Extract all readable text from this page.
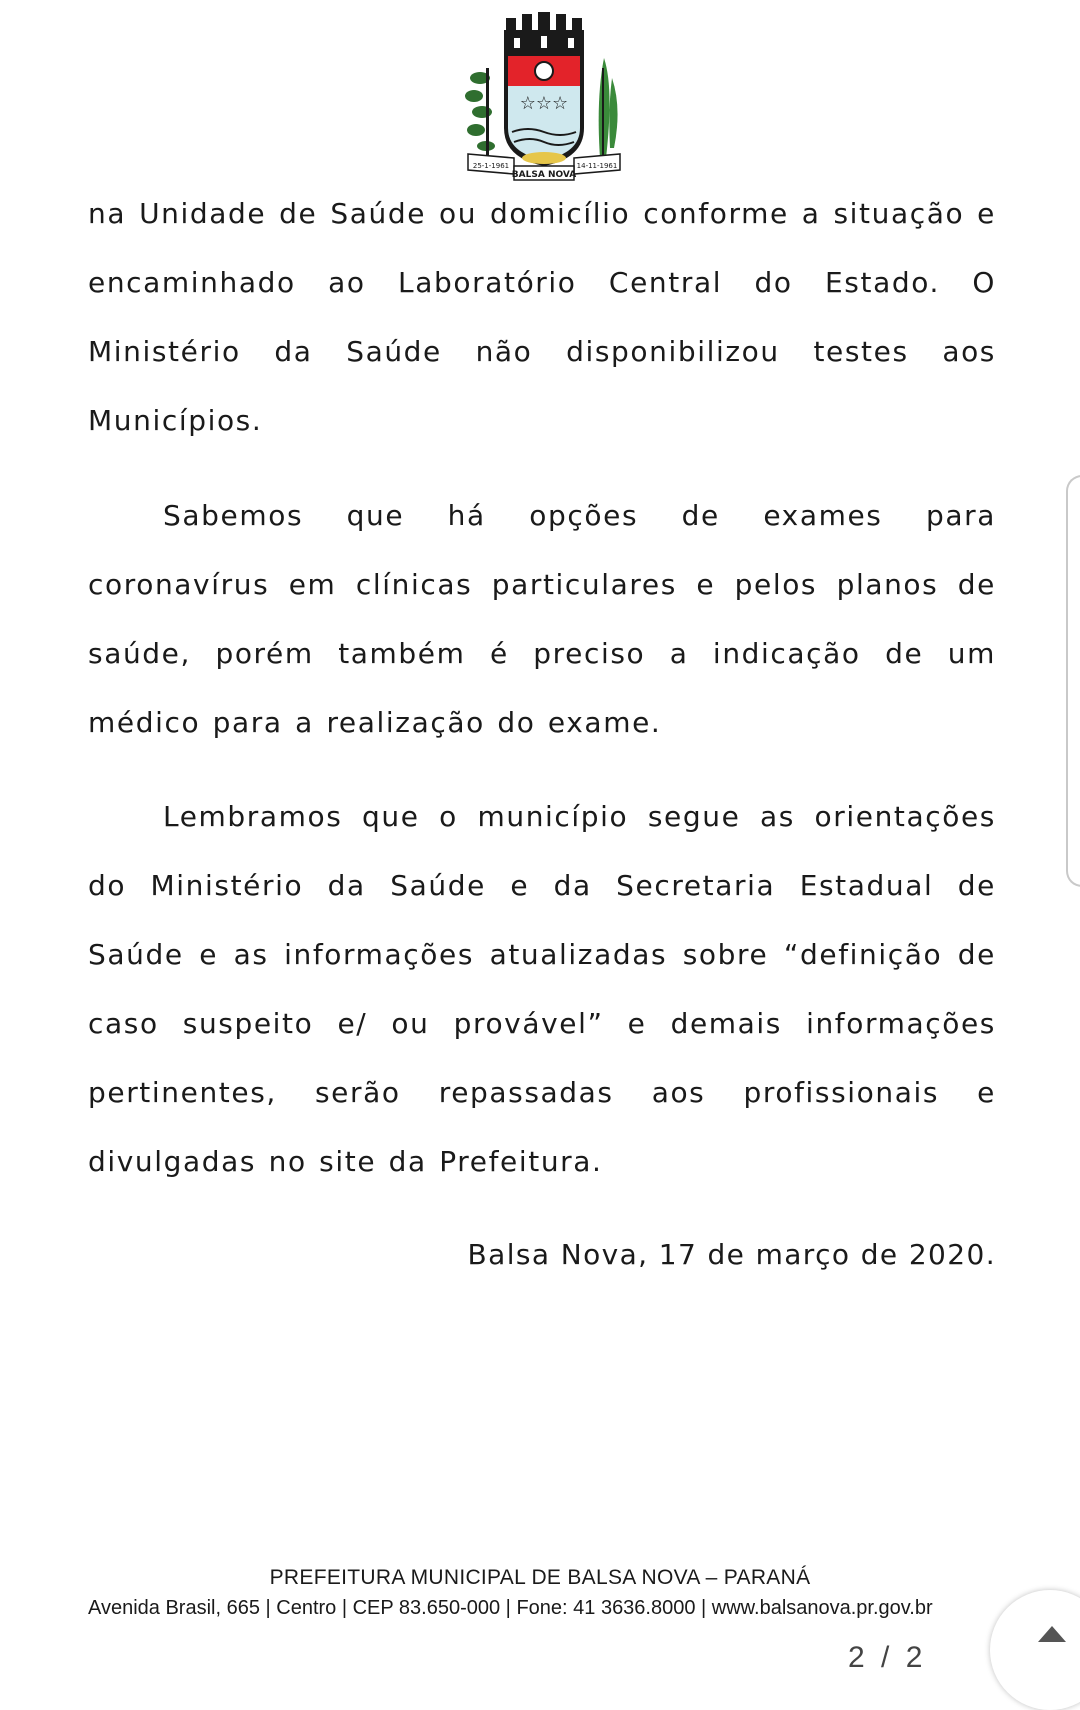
☆☆☆
25-1-1961	14-11-1961
BALSA NOVA

na Unidade de Saúde ou domicílio conforme a situação e encaminhado ao Laboratório Central do Estado. O Ministério da Saúde não disponibilizou testes aos Municípios.

Sabemos que há opções de exames para coronavírus em clínicas particulares e pelos planos de saúde, porém também é preciso a indicação de um médico para a realização do exame.

Lembramos que o município segue as orientações do Ministério da Saúde e da Secretaria Estadual de Saúde e as informações atualizadas sobre “definição de caso suspeito e/ ou provável” e demais informações pertinentes, serão repassadas aos profissionais e divulgadas no site da Prefeitura.

Balsa Nova, 17 de março de 2020.

PREFEITURA MUNICIPAL DE BALSA NOVA – PARANÁ
Avenida Brasil, 665 | Centro | CEP 83.650-000 | Fone: 41 3636.8000 | www.balsanova.pr.gov.br
2 / 2
